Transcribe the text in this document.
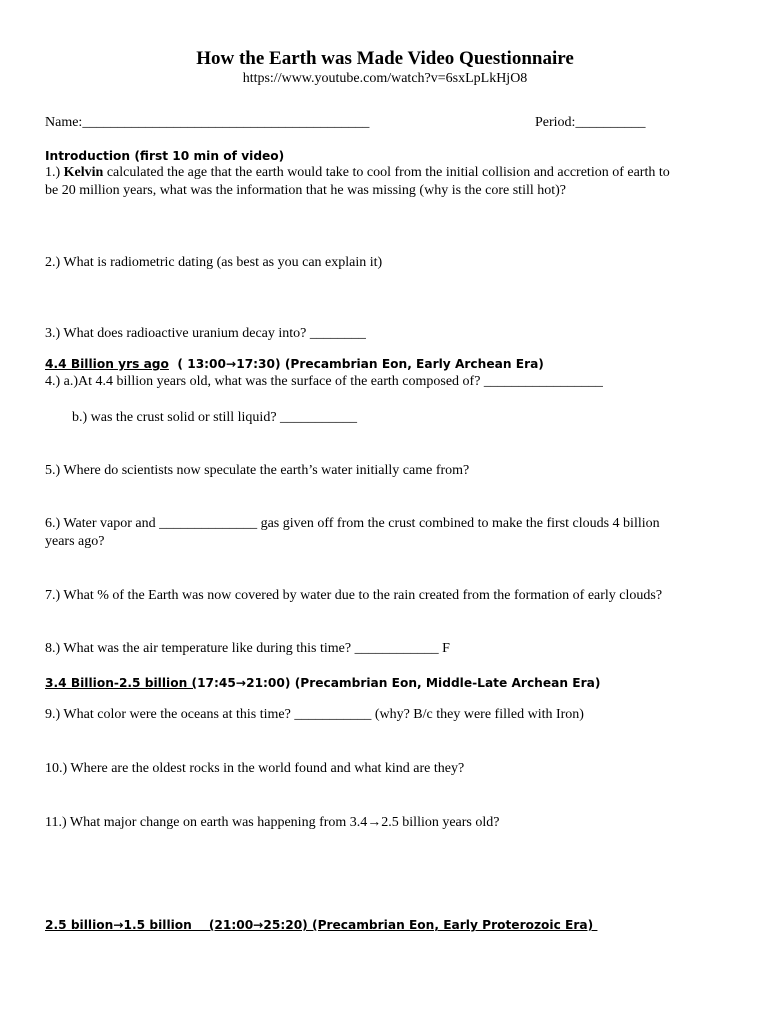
How the Earth was Made Video Questionnaire
https://www.youtube.com/watch?v=6sxLpLkHjO8
Name:_________________________________________	Period:__________
Introduction (first 10 min of video)
1.) Kelvin calculated the age that the earth would take to cool from the initial collision and accretion of earth to
be 20 million years, what was the information that he was missing (why is the core still hot)?
2.) What is radiometric dating (as best as you can explain it)
3.) What does radioactive uranium decay into? ________
4.4 Billion yrs ago ( 13:00→17:30) (Precambrian Eon, Early Archean Era)
4.) a.)At 4.4 billion years old, what was the surface of the earth composed of? _________________
b.) was the crust solid or still liquid? ___________
5.) Where do scientists now speculate the earth’s water initially came from?
6.) Water vapor and ______________ gas given off from the crust combined to make the first clouds 4 billion
years ago?
7.) What % of the Earth was now covered by water due to the rain created from the formation of early clouds?
8.) What was the air temperature like during this time? ____________ F
3.4 Billion-2.5 billion (17:45→21:00) (Precambrian Eon, Middle-Late Archean Era)
9.) What color were the oceans at this time? ___________ (why? B/c they were filled with Iron)
10.) Where are the oldest rocks in the world found and what kind are they?
11.) What major change on earth was happening from 3.4→2.5 billion years old?
2.5 billion→1.5 billion    (21:00→25:20) (Precambrian Eon, Early Proterozoic Era)
